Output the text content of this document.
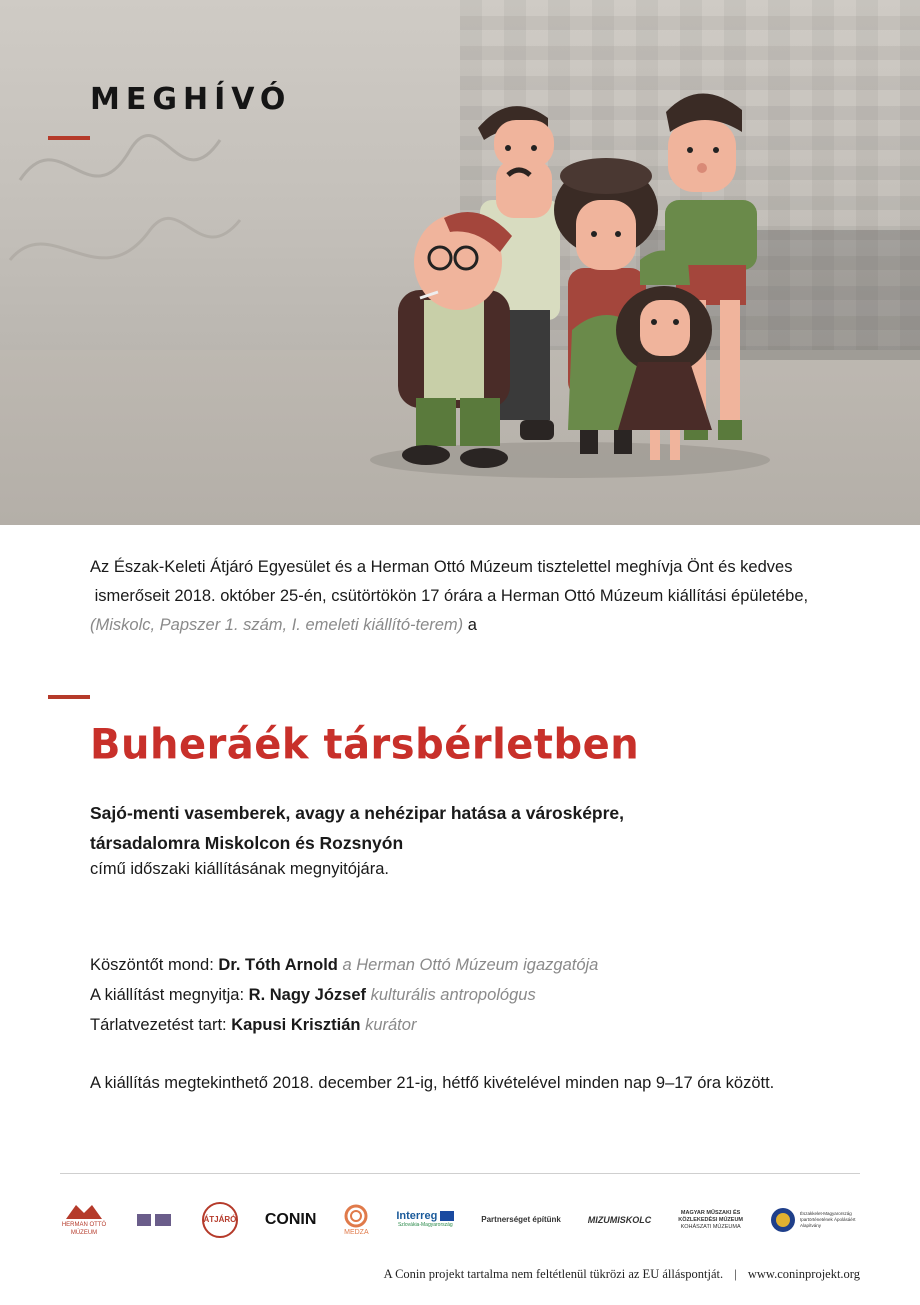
MEGHÍVÓ
Az Észak-Keleti Átjáró Egyesület és a Herman Ottó Múzeum tisztelettel meghívja Önt és kedves
ismerőseit 2018. október 25-én, csütörtökön 17 órára a Herman Ottó Múzeum kiállítási épületébe,
(Miskolc, Papszer 1. szám, I. emeleti kiállító-terem) a
Buheráék társbérletben
Sajó-menti vasemberek, avagy a nehézipar hatása a városképre,
társadalomra Miskolcon és Rozsnyón
című időszaki kiállításának megnyitójára.
Köszöntőt mond: Dr. Tóth Arnold a Herman Ottó Múzeum igazgatója
A kiállítást megnyitja: R. Nagy József kulturális antropológus
Tárlatvezetést tart: Kapusi Krisztián kurátor
A kiállítás megtekinthető 2018. december 21-ig, hétfő kivételével minden nap 9–17 óra között.
HERMAN OTTÓ MÚZEUM
ÁTJÁRÓ CONIN
MEDZA
Interreg
Szlovákia-Magyarország
Partnerséget építünk	MIZUMISKOLC
MAGYAR MŰSZAKI ÉS
KÖZLEKEDÉSI MÚZEUM
KOHÁSZATI MÚZEUMA
Északkelet-Magyarország Ipartörténetének Ápolásáért Alapítvány
A Conin projekt tartalma nem feltétlenül tükrözi az EU álláspontját. | www.coninprojekt.org
